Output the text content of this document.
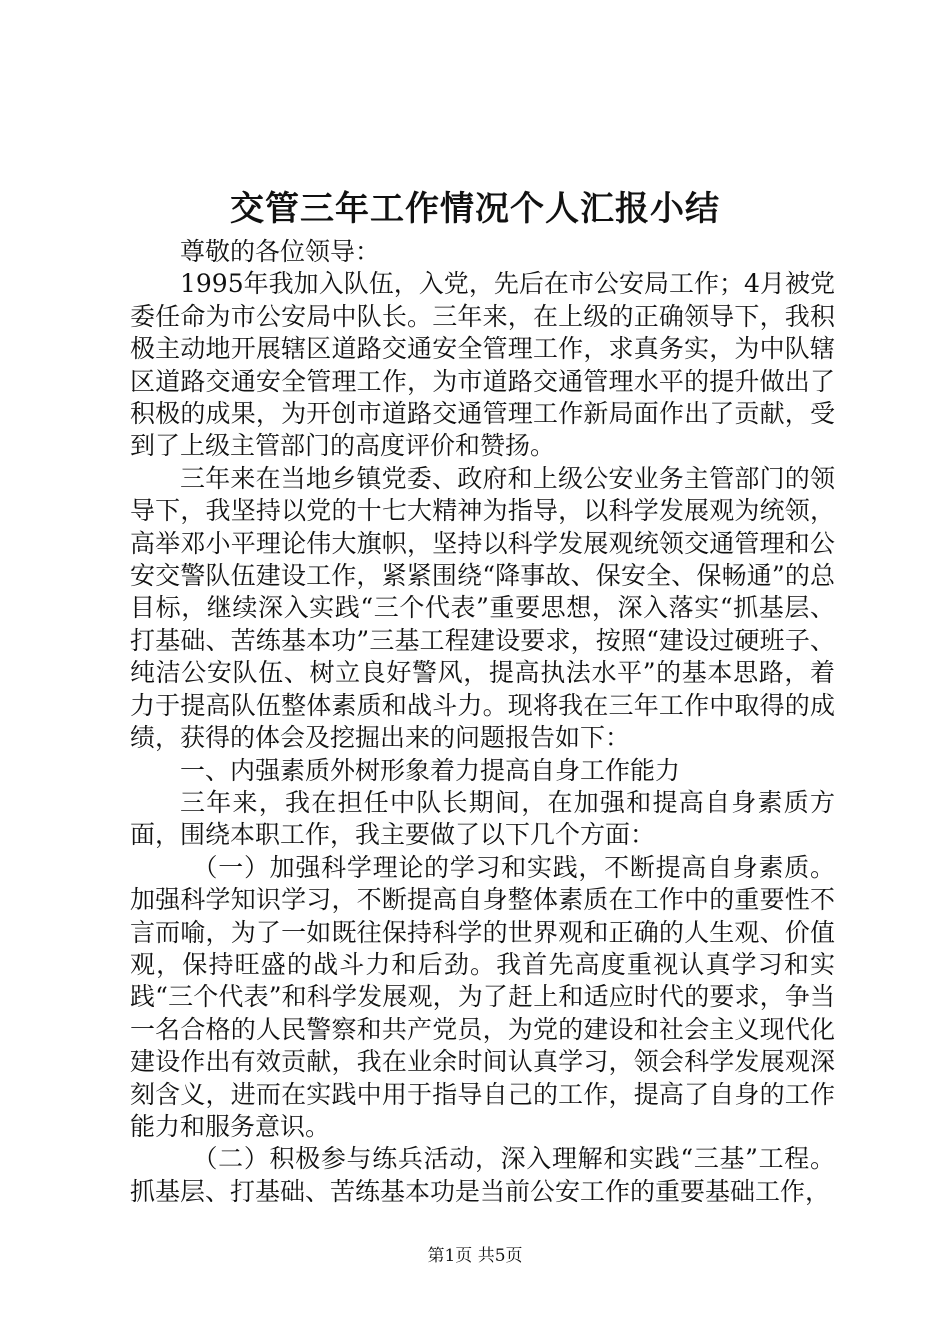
交管三年工作情况个人汇报小结

尊敬的各位领导：

1995年我加入队伍，入党，先后在市公安局工作；4月被党委任命为市公安局中队长。三年来，在上级的正确领导下，我积极主动地开展辖区道路交通安全管理工作，求真务实，为中队辖区道路交通安全管理工作，为市道路交通管理水平的提升做出了积极的成果，为开创市道路交通管理工作新局面作出了贡献，受到了上级主管部门的高度评价和赞扬。

三年来在当地乡镇党委、政府和上级公安业务主管部门的领导下，我坚持以党的十七大精神为指导，以科学发展观为统领，高举邓小平理论伟大旗帜，坚持以科学发展观统领交通管理和公安交警队伍建设工作，紧紧围绕“降事故、保安全、保畅通”的总目标，继续深入实践“三个代表”重要思想，深入落实“抓基层、打基础、苦练基本功”三基工程建设要求，按照“建设过硬班子、纯洁公安队伍、树立良好警风，提高执法水平”的基本思路，着力于提高队伍整体素质和战斗力。现将我在三年工作中取得的成绩，获得的体会及挖掘出来的问题报告如下：

一、内强素质外树形象着力提高自身工作能力

三年来，我在担任中队长期间，在加强和提高自身素质方面，围绕本职工作，我主要做了以下几个方面：

（一）加强科学理论的学习和实践，不断提高自身素质。加强科学知识学习，不断提高自身整体素质在工作中的重要性不言而喻，为了一如既往保持科学的世界观和正确的人生观、价值观，保持旺盛的战斗力和后劲。我首先高度重视认真学习和实践“三个代表”和科学发展观，为了赶上和适应时代的要求，争当一名合格的人民警察和共产党员，为党的建设和社会主义现代化建设作出有效贡献，我在业余时间认真学习，领会科学发展观深刻含义，进而在实践中用于指导自己的工作，提高了自身的工作能力和服务意识。

（二）积极参与练兵活动，深入理解和实践“三基”工程。抓基层、打基础、苦练基本功是当前公安工作的重要基础工作，

第1页 共5页
